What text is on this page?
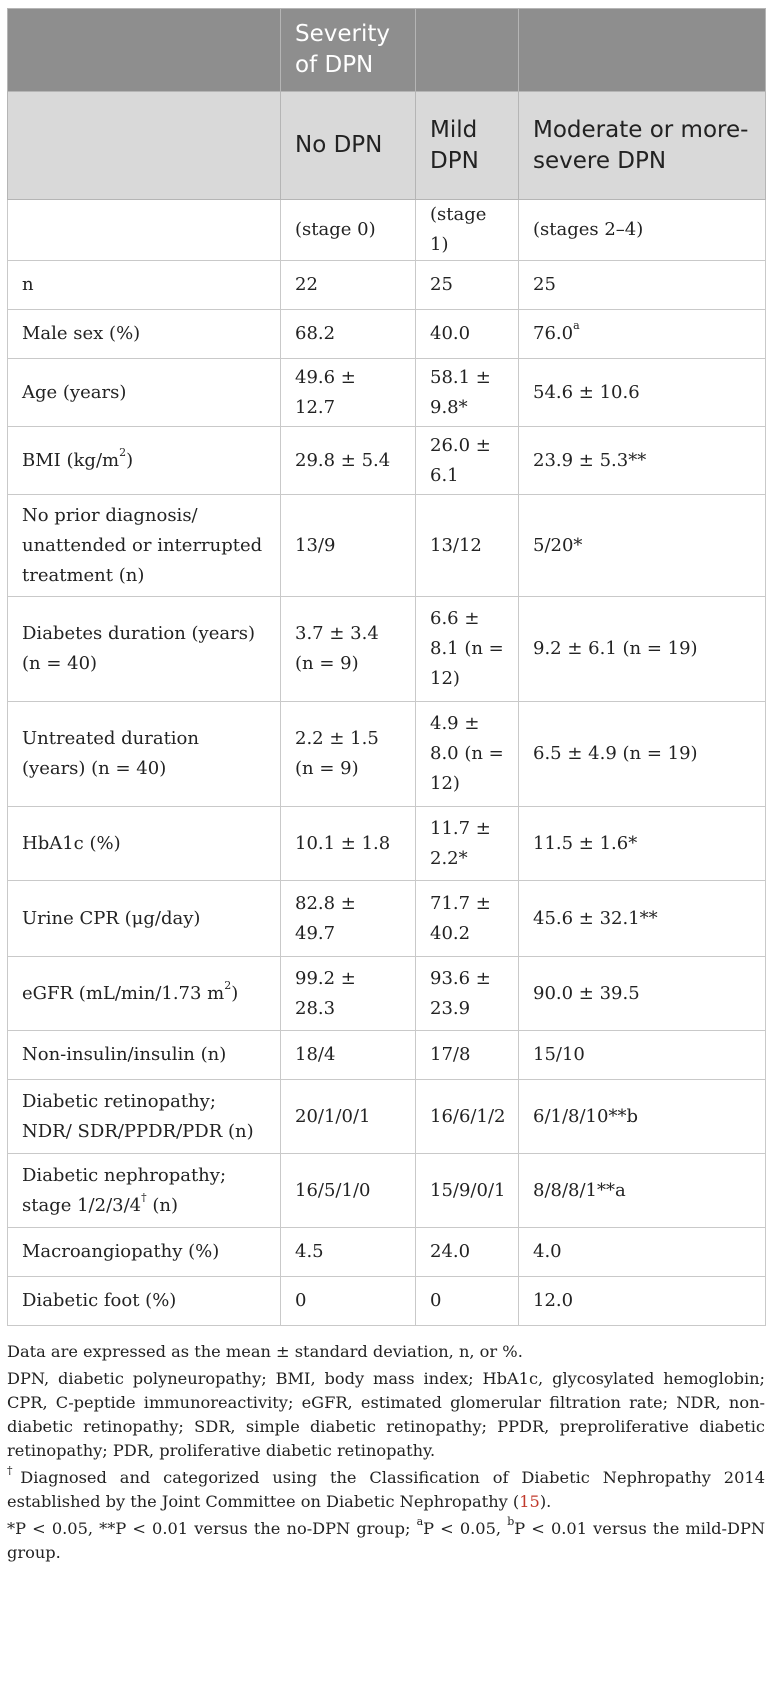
	Severity of DPN		
	No DPN	Mild DPN	Moderate or more-severe DPN
	(stage 0)	(stage 1)	(stages 2–4)
n	22	25	25
Male sex (%)	68.2	40.0	76.0$^a$
Age (years)	49.6 ± 12.7	58.1 ± 9.8*	54.6 ± 10.6
BMI $(kg/m^2)$	29.8 ± 5.4	26.0 ± 6.1	23.9 ± 5.3**
No prior diagnosis/ unattended or interrupted treatment (n)	13/9	13/12	5/20*
Diabetes duration (years) (n = 40)	3.7 ± 3.4 (n = 9)	6.6 ± 8.1 (n = 12)	9.2 ± 6.1 (n = 19)
Untreated duration (years) (n = 40)	2.2 ± 1.5 (n = 9)	4.9 ± 8.0 (n = 12)	6.5 ± 4.9 (n = 19)
HbA1c (%)	10.1 ± 1.8	11.7 ± 2.2*	11.5 ± 1.6*
Urine CPR (μg/day)	82.8 ± 49.7	71.7 ± 40.2	45.6 ± 32.1**
eGFR (mL/min/1.73 $m^2$)	99.2 ± 28.3	93.6 ± 23.9	90.0 ± 39.5
Non-insulin/insulin (n)	18/4	17/8	15/10
Diabetic retinopathy; NDR/ SDR/PPDR/PDR (n)	20/1/0/1	16/6/1/2	6/1/8/10**b
Diabetic nephropathy; stage 1/2/3/4† (n)	16/5/1/0	15/9/0/1	8/8/8/1**a
Macroangiopathy (%)	4.5	24.0	4.0
Diabetic foot (%)	0	0	12.0

Data are expressed as the mean ± standard deviation, n, or %.

DPN, diabetic polyneuropathy; BMI, body mass index; HbA1c, glycosylated hemoglobin; CPR, C-peptide immunoreactivity; eGFR, estimated glomerular filtration rate; NDR, non-diabetic retinopathy; SDR, simple diabetic retinopathy; PPDR, preproliferative diabetic retinopathy; PDR, proliferative diabetic retinopathy.

†Diagnosed and categorized using the Classification of Diabetic Nephropathy 2014 established by the Joint Committee on Diabetic Nephropathy (15).

*P < 0.05, **P < 0.01 versus the no-DPN group; $^a$P < 0.05, $^b$P < 0.01 versus the mild-DPN group.
